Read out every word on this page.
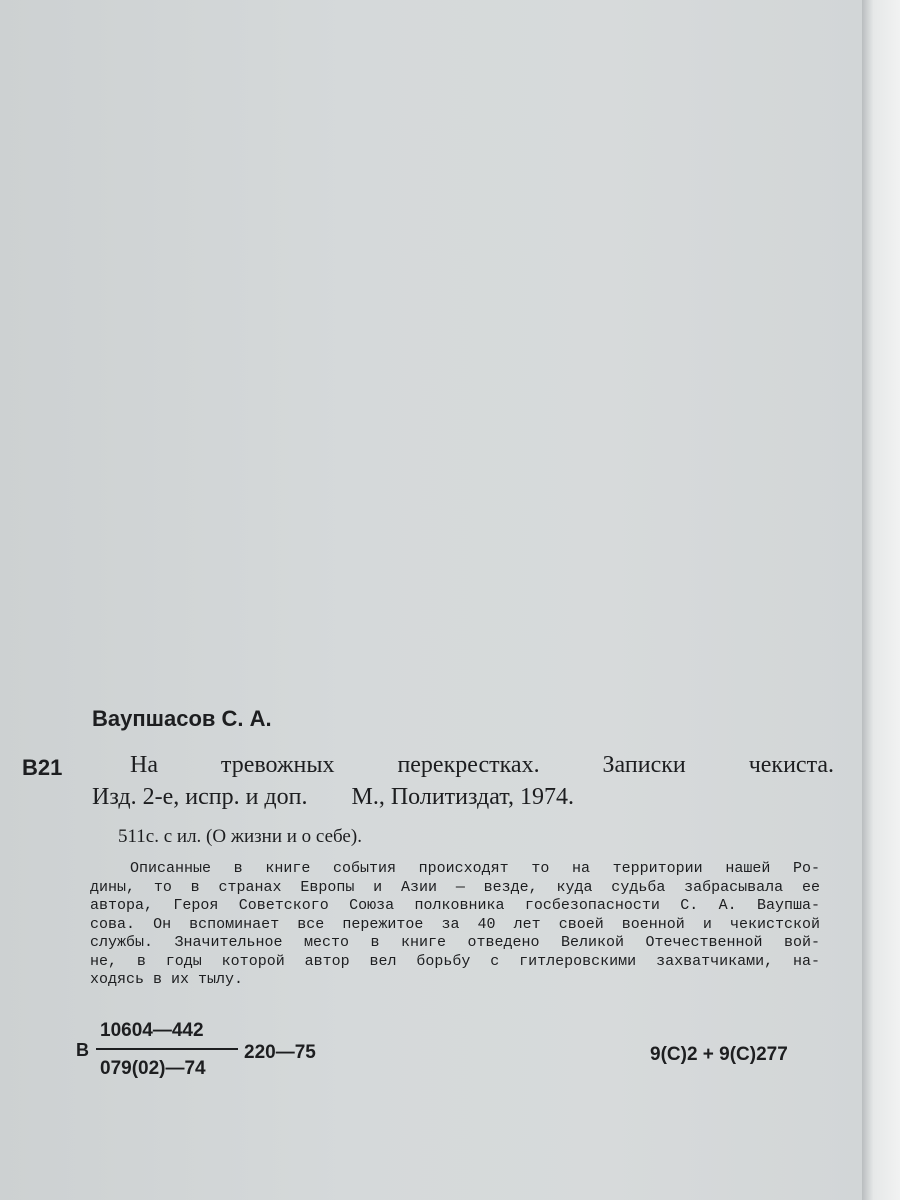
Ваупшасов С. А.
В21	На тревожных перекрестках. Записки чекиста.
Изд. 2-е, испр. и доп. М., Политиздат, 1974.
511с. с ил. (О жизни и о себе).
Описанные в книге события происходят то на территории нашей Ро-
дины, то в странах Европы и Азии — везде, куда судьба забрасывала ее
автора, Героя Советского Союза полковника госбезопасности С. А. Ваупша-
сова. Он вспоминает все пережитое за 40 лет своей военной и чекистской
службы. Значительное место в книге отведено Великой Отечественной вой-
не, в годы которой автор вел борьбу с гитлеровскими захватчиками, на-
ходясь в их тылу.
В
10604—442
079(02)—74
220—75	9(С)2 + 9(С)277
